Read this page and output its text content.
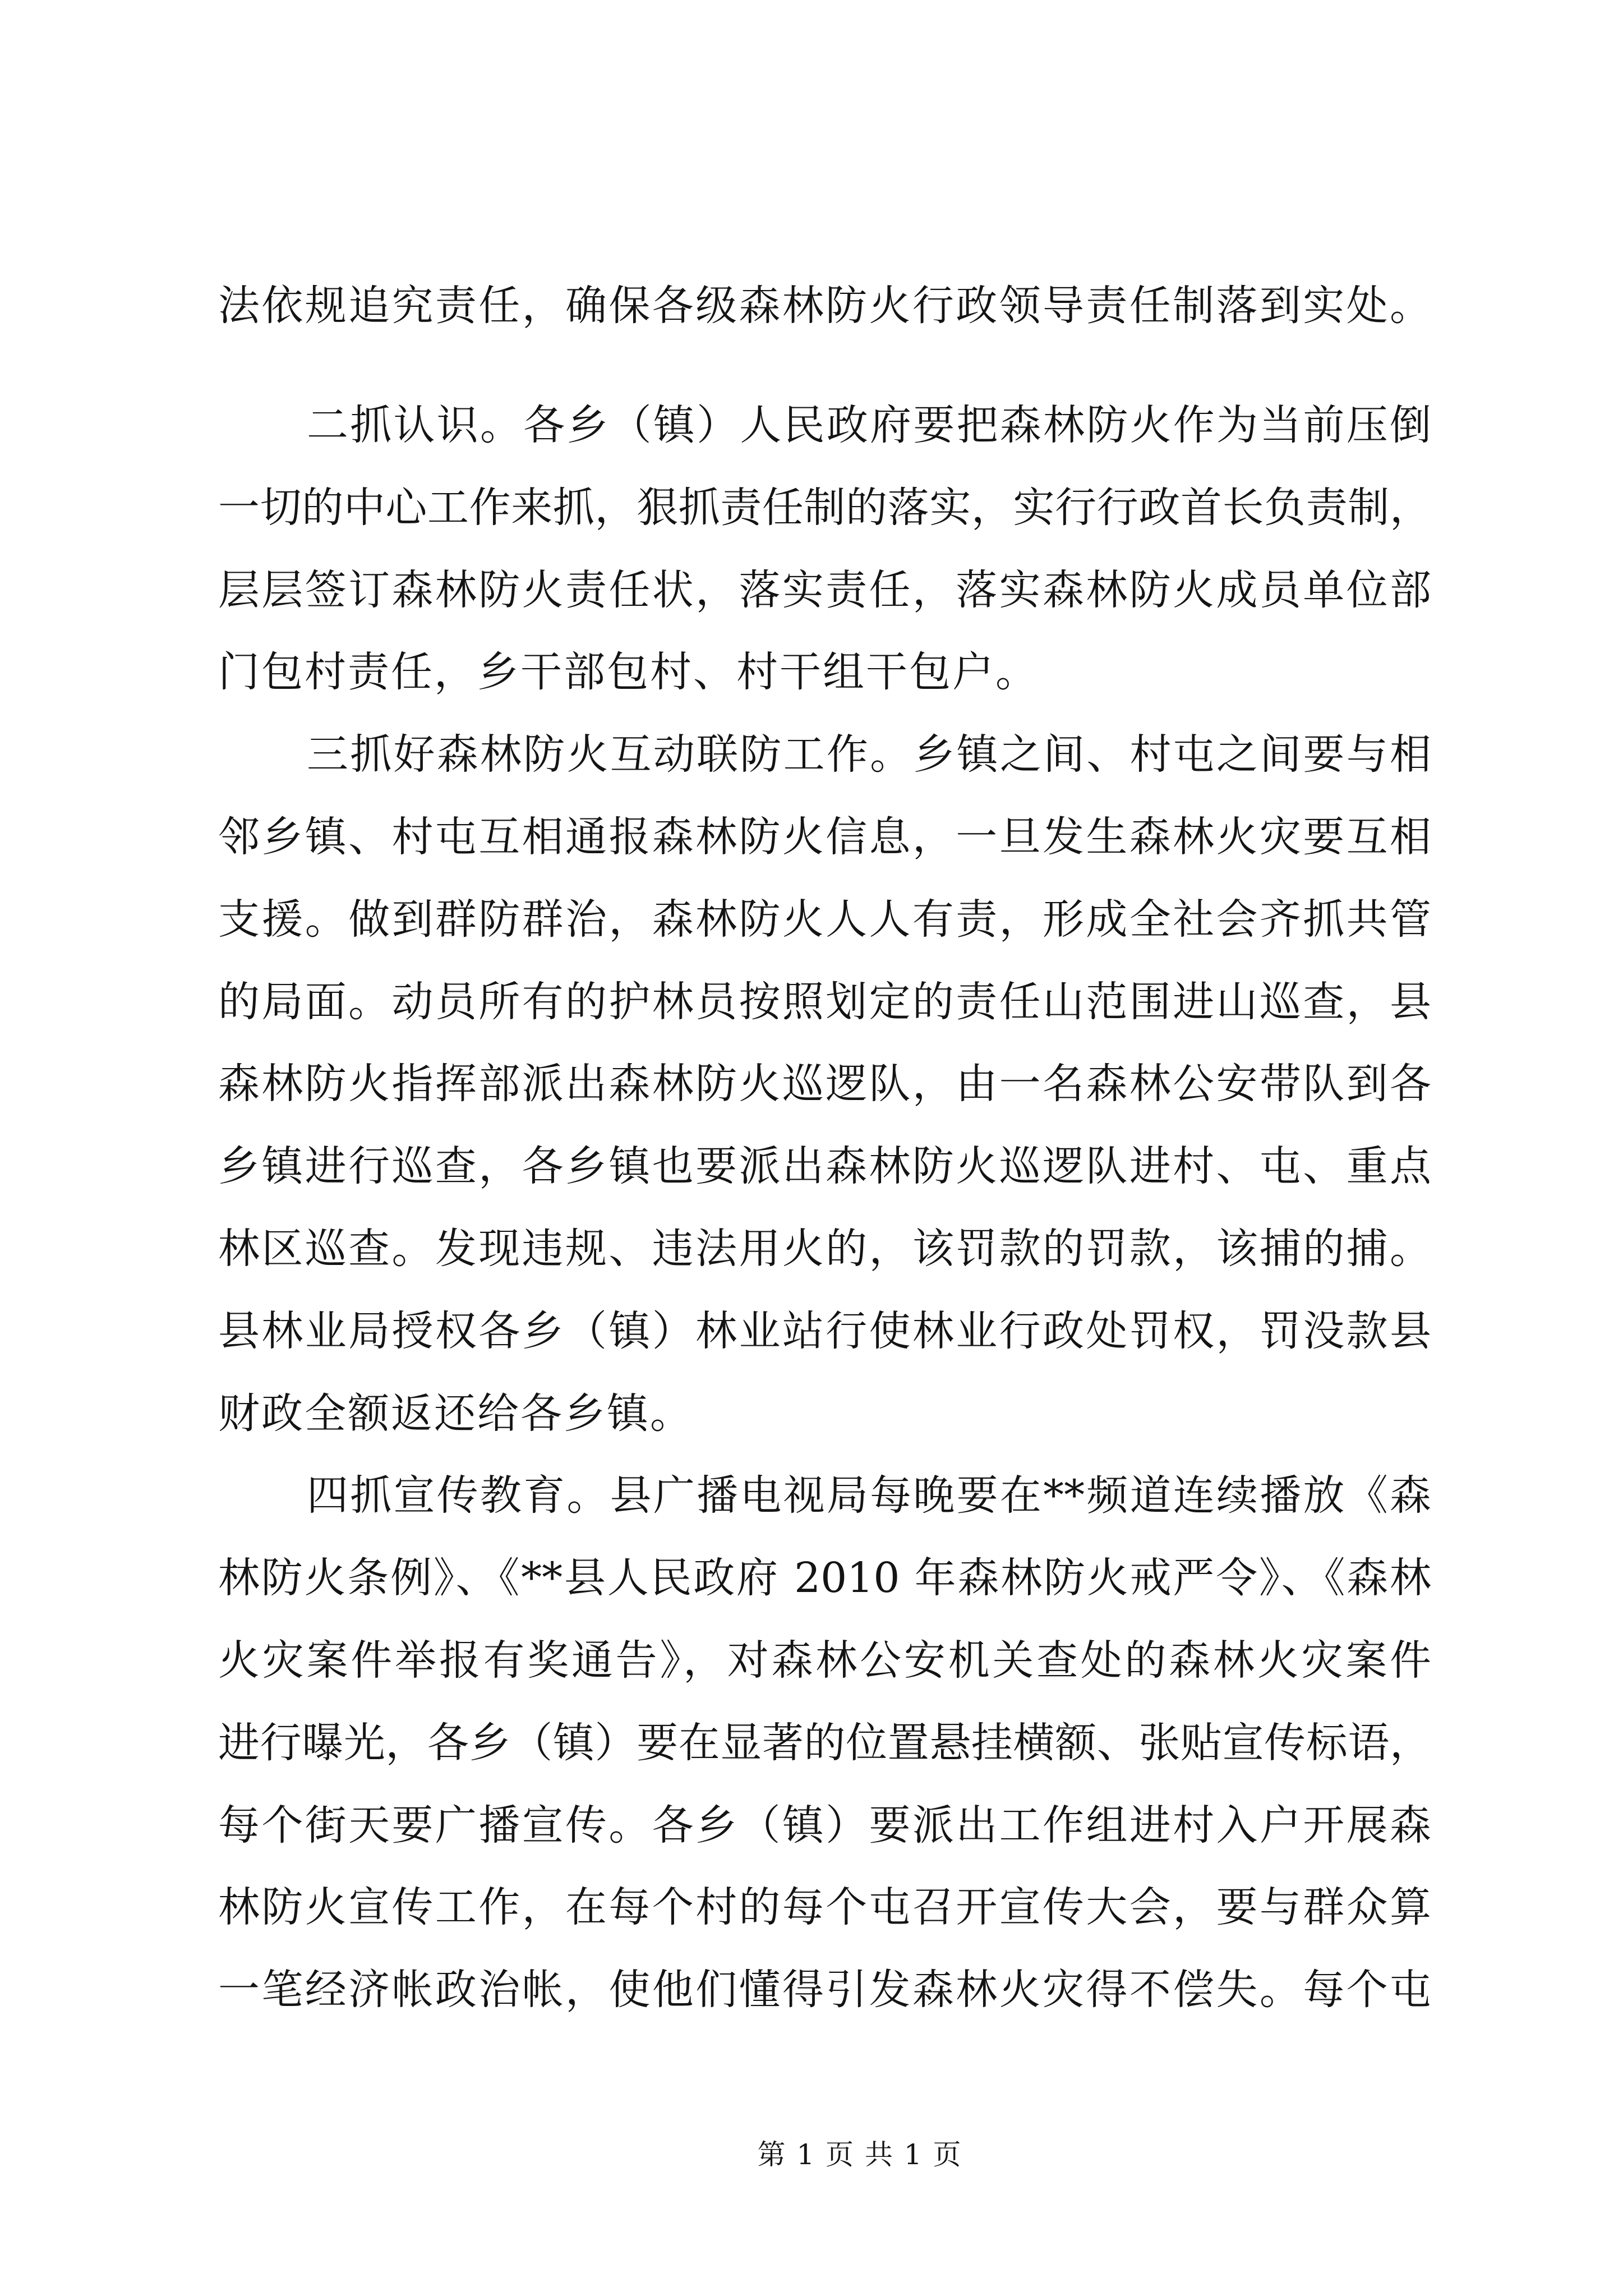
法依规追究责任，确保各级森林防火行政领导责任制落到实处。
二抓认识。各乡（镇）人民政府要把森林防火作为当前压倒
一切的中心工作来抓，狠抓责任制的落实，实行行政首长负责制，
层层签订森林防火责任状，落实责任，落实森林防火成员单位部
门包村责任，乡干部包村、村干组干包户。
三抓好森林防火互动联防工作。乡镇之间、村屯之间要与相
邻乡镇、村屯互相通报森林防火信息，一旦发生森林火灾要互相
支援。做到群防群治，森林防火人人有责，形成全社会齐抓共管
的局面。动员所有的护林员按照划定的责任山范围进山巡查，县
森林防火指挥部派出森林防火巡逻队，由一名森林公安带队到各
乡镇进行巡查，各乡镇也要派出森林防火巡逻队进村、屯、重点
林区巡查。发现违规、违法用火的，该罚款的罚款，该捕的捕。
县林业局授权各乡（镇）林业站行使林业行政处罚权，罚没款县
财政全额返还给各乡镇。
四抓宣传教育。县广播电视局每晚要在**频道连续播放《森
林防火条例》、《**县人民政府 2010 年森林防火戒严令》、《森林
火灾案件举报有奖通告》，对森林公安机关查处的森林火灾案件
进行曝光，各乡（镇）要在显著的位置悬挂横额、张贴宣传标语，
每个街天要广播宣传。各乡（镇）要派出工作组进村入户开展森
林防火宣传工作，在每个村的每个屯召开宣传大会，要与群众算
一笔经济帐政治帐，使他们懂得引发森林火灾得不偿失。每个屯
第 1 页 共 1 页
